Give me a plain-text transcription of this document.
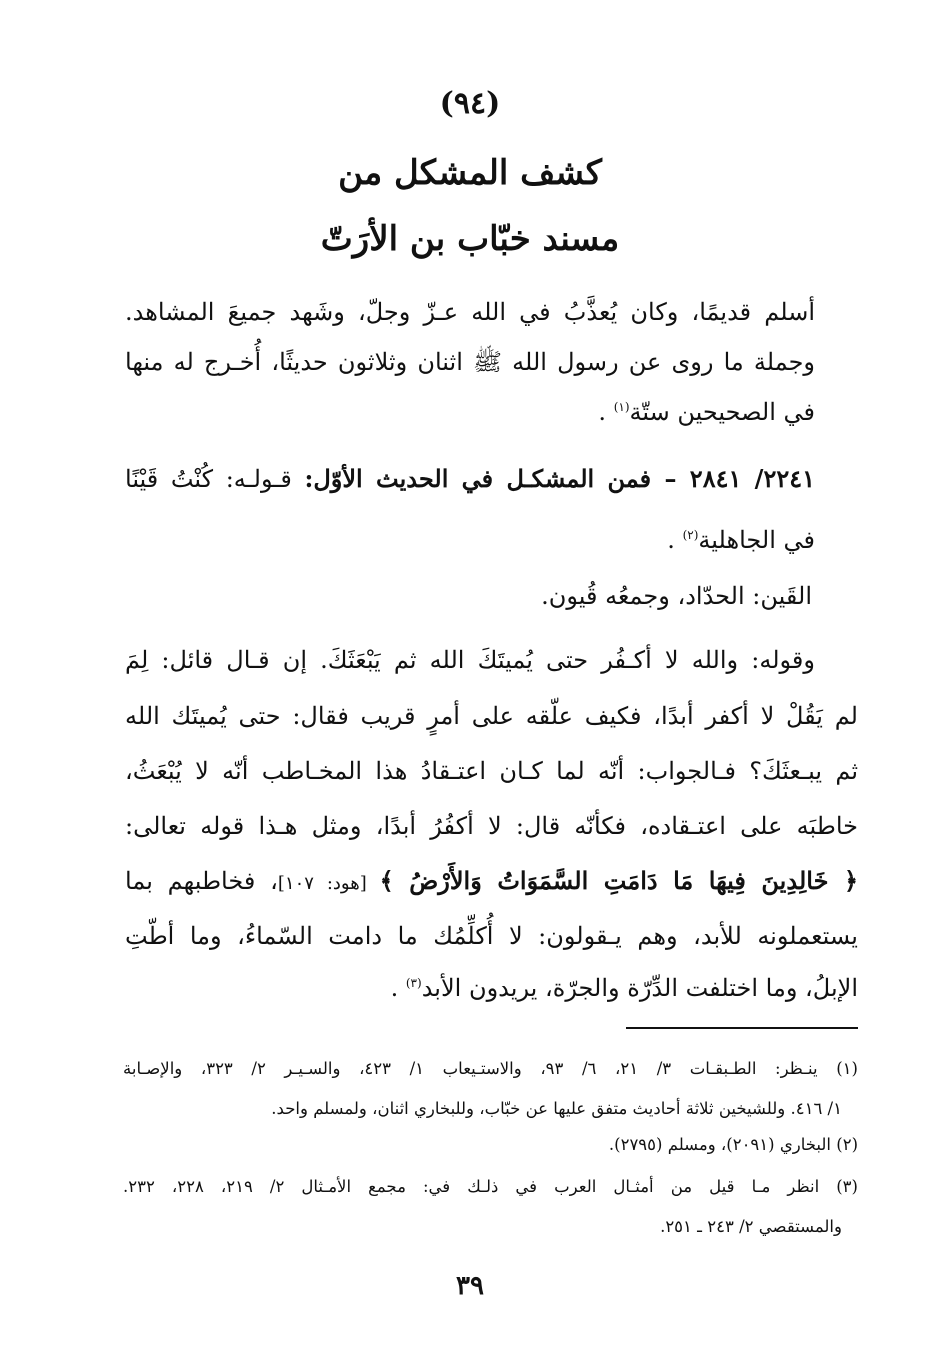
(٩٤)
كشف المشكل من
مسند خبّاب بن الأرَتّ
أسلم قديمًا، وكان يُعذَّبُ في الله عـزّ وجلّ، وشَهد جميعَ المشاهد.
وجملة ما روى عن رسول الله ﷺ اثنان وثلاثون حديثًا، أُخـرج له منها
في الصحيحين ستّة$^{(١)}$ .
٢٢٤١/ ٢٨٤١ – فمن المشكـل في الحديث الأوّل: قـولـه: كُنْتُ قَيْنًا
في الجاهلية$^{(٢)}$ .
القَين: الحدّاد، وجمعُه قُيون.
وقوله: والله لا أكـفُر حتى يُميتَكَ الله ثم يَبْعَثَكَ. إن قـال قائل: لِمَ
لم يَقُلْ لا أكفر أبدًا، فكيف علّقه على أمرٍ قريب فقال: حتى يُميتَك الله
ثم يبـعثَكَ؟ فـالجواب: أنّه لما كـان اعتـقادُ هذا المخـاطب أنّه لا يُبْعَثُ،
خاطبَه على اعتـقاده، فكأنّه قال: لا أكفُرُ أبدًا، ومثل هـذا قوله تعالى:
﴿ خَالِدِينَ فِيهَا مَا دَامَتِ السَّمَوَاتُ وَالأَرْضُ ﴾ [هود: ١٠٧]، فخاطبهم بما
يستعملونه للأبد، وهم يـقولون: لا أُكلِّمُك ما دامت السّماءُ، وما أطّتِ
الإبلُ، وما اختلفت الدِّرّة والجرّة، يريدون الأبد$^{(٣)}$ .
(١) ينـظر: الطـبقـات ٣/ ٢١، ٦/ ٩٣، والاستـيعاب ١/ ٤٢٣، والسـيـر ٢/ ٣٢٣، والإصـابة
١/ ٤١٦. وللشيخين ثلاثة أحاديث متفق عليها عن خبّاب، وللبخاري اثنان، ولمسلم واحد.
(٢) البخاري (٢٠٩١)، ومسلم (٢٧٩٥).
(٣) انظر مـا قيل من أمثـال العرب في ذلـك في: مجمع الأمـثال ٢/ ٢١٩، ٢٢٨، ٢٣٢.
والمستقصي ٢/ ٢٤٣ ـ ٢٥١.
٣٩
